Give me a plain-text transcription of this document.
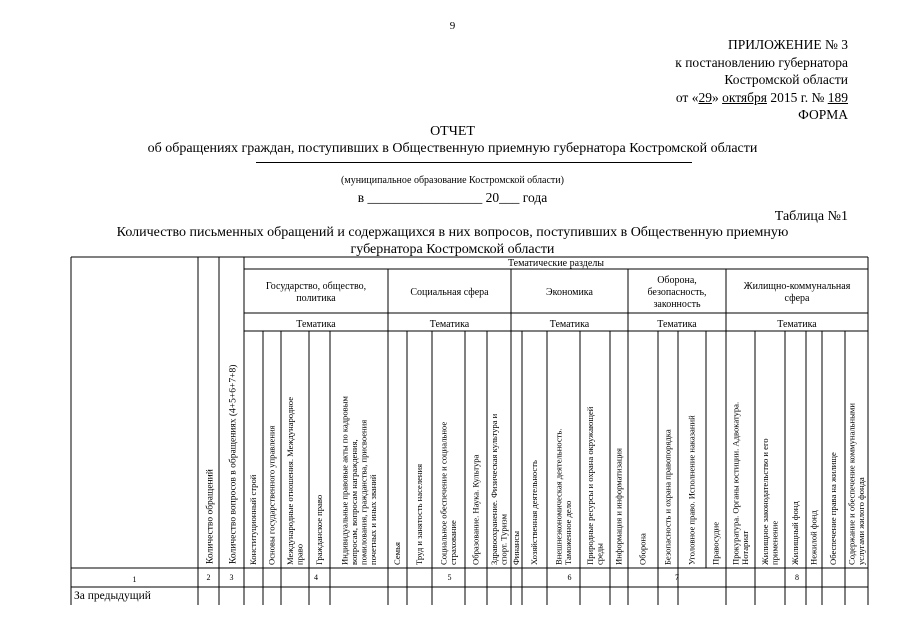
9
ПРИЛОЖЕНИЕ № 3
к постановлению губернатора
Костромской области
от «29» октября 2015 г. № 189
ФОРМА
ОТЧЕТ
об обращениях граждан, поступивших в Общественную приемную губернатора Костромской области
(муниципальное образование Костромской области)
в _________________ 20___ года
Таблица №1
Количество письменных обращений и содержащихся в них вопросов, поступивших в Общественную приемную
губернатора Костромской области
Тематические разделы
Государство, общество,
политика
Тематика
4
Конституционный строй Основы государственного управления Международные отношения. Международное право Гражданское право Индивидуальные правовые акты по кадровым вопросам, вопросам награждения, помилования, гражданства, присвоения почетных и иных званий
Социальная сфера
Тематика
5
Семья Труд и занятость населения Социальное обеспечение и социальное страхование Образование. Наука. Культура Здравоохранение. Физическая культура и спорт. Туризм
Экономика
Тематика
6
Финансы Хозяйственная деятельность Внешнеэкономическая деятельность. Таможенное дело Природные ресурсы и охрана окружающей среды Информация и информатизация
Оборона,
безопасность,
законность
Тематика
7
Оборона Безопасность и охрана правопорядка Уголовное право. Исполнение наказаний Правосудие
Жилищно-коммунальная
сфера
Тематика
8
Прокуратура. Органы юстиции. Адвокатура. Нотариат Жилищное законодательство и его применение Жилищный фонд Нежилой фонд Обеспечение права на жилище Содержание и обеспечение коммунальными услугами жилого фонда
Количество обращений Количество вопросов в обращениях (4+5+6+7+8)
1	2 3
За предыдущий
